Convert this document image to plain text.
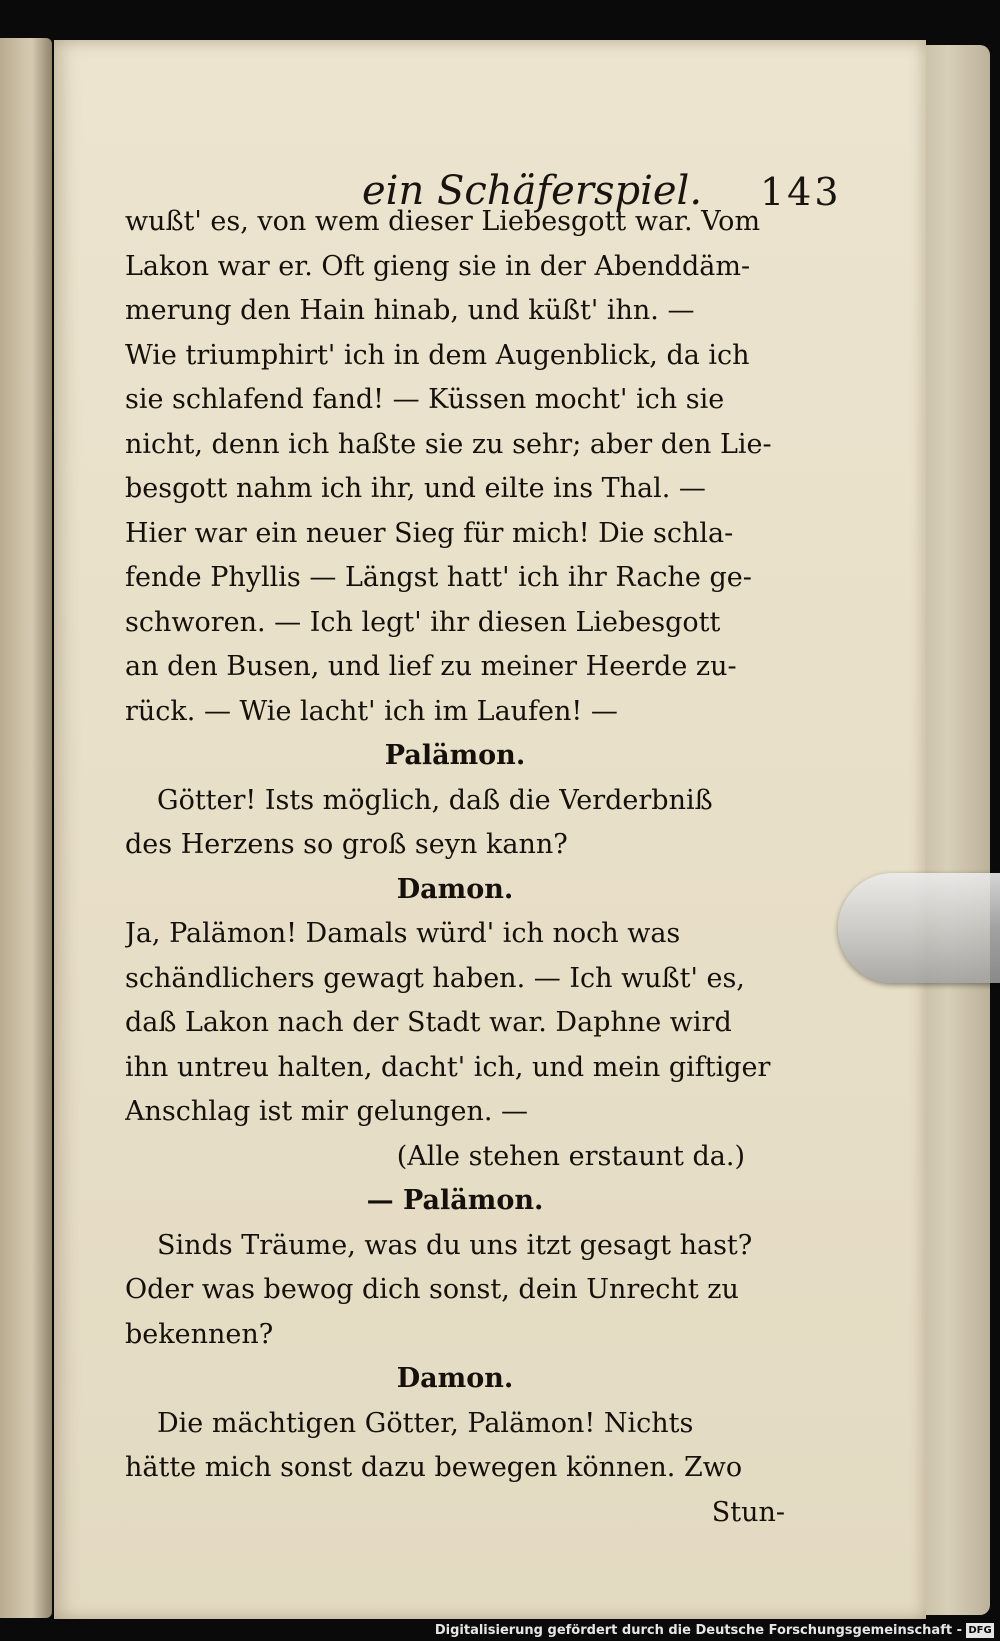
ein Schäferspiel. 143
wußt' es, von wem dieser Liebesgott war. Vom
Lakon war er. Oft gieng sie in der Abenddäm-
merung den Hain hinab, und küßt' ihn. —
Wie triumphirt' ich in dem Augenblick, da ich
sie schlafend fand! — Küssen mocht' ich sie
nicht, denn ich haßte sie zu sehr; aber den Lie-
besgott nahm ich ihr, und eilte ins Thal. —
Hier war ein neuer Sieg für mich! Die schla-
fende Phyllis — Längst hatt' ich ihr Rache ge-
schworen. — Ich legt' ihr diesen Liebesgott
an den Busen, und lief zu meiner Heerde zu-
rück. — Wie lacht' ich im Laufen! —
Palämon.
Götter! Ists möglich, daß die Verderbniß
des Herzens so groß seyn kann?
Damon.
Ja, Palämon! Damals würd' ich noch was
schändlichers gewagt haben. — Ich wußt' es,
daß Lakon nach der Stadt war. Daphne wird
ihn untreu halten, dacht' ich, und mein giftiger
Anschlag ist mir gelungen. —
(Alle stehen erstaunt da.)
— Palämon.
Sinds Träume, was du uns itzt gesagt hast?
Oder was bewog dich sonst, dein Unrecht zu
bekennen?
Damon.
Die mächtigen Götter, Palämon! Nichts
hätte mich sonst dazu bewegen können. Zwo
Stun-
Digitalisierung gefördert durch die Deutsche Forschungsgemeinschaft - DFG
